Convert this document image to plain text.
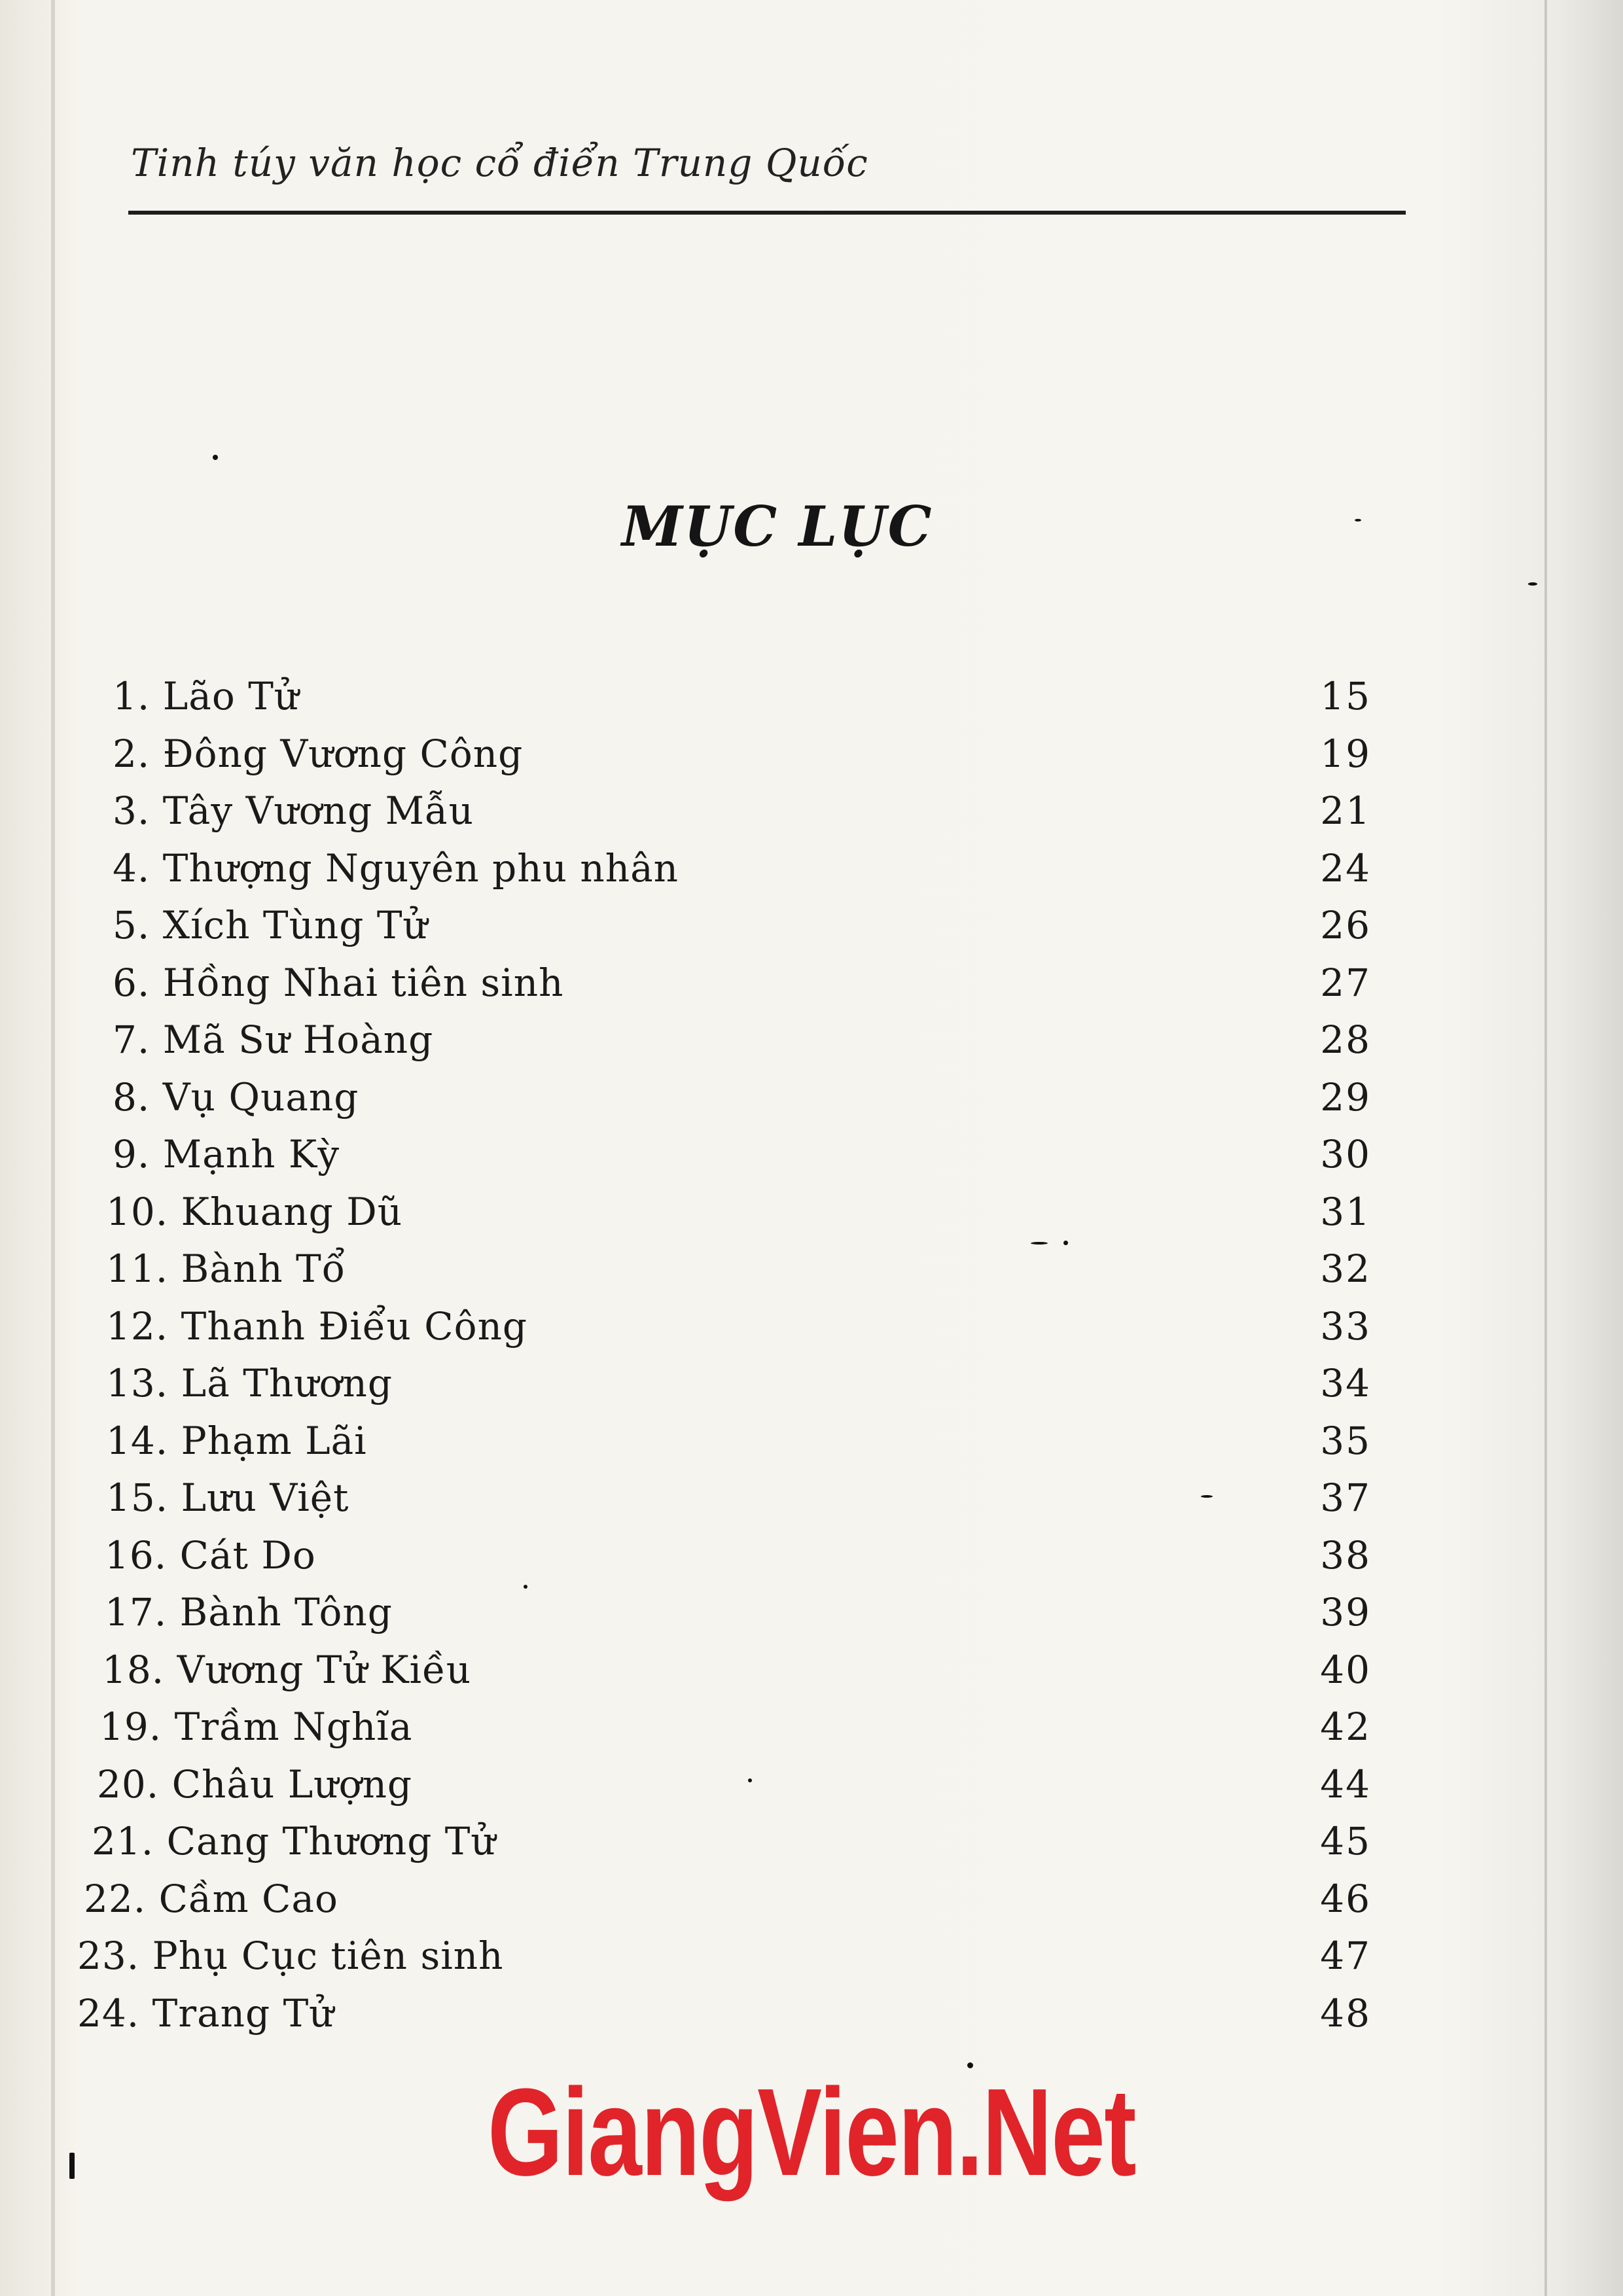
Tinh túy văn học cổ điển Trung Quốc
MỤC LỤC
1. Lão Tử	15
2. Đông Vương Công	19
3. Tây Vương Mẫu	21
4. Thượng Nguyên phu nhân	24
5. Xích Tùng Tử	26
6. Hồng Nhai tiên sinh	27
7. Mã Sư Hoàng	28
8. Vụ Quang	29
9. Mạnh Kỳ	30
10. Khuang Dũ	31
11. Bành Tổ	32
12. Thanh Điểu Công	33
13. Lã Thương	34
14. Phạm Lãi	35
15. Lưu Việt	37
16. Cát Do	38
17. Bành Tông	39
18. Vương Tử Kiều	40
19. Trầm Nghĩa	42
20. Châu Lượng	44
21. Cang Thương Tử	45
22. Cầm Cao	46
23. Phụ Cục tiên sinh	47
24. Trang Tử	48
GiangVien.Net
